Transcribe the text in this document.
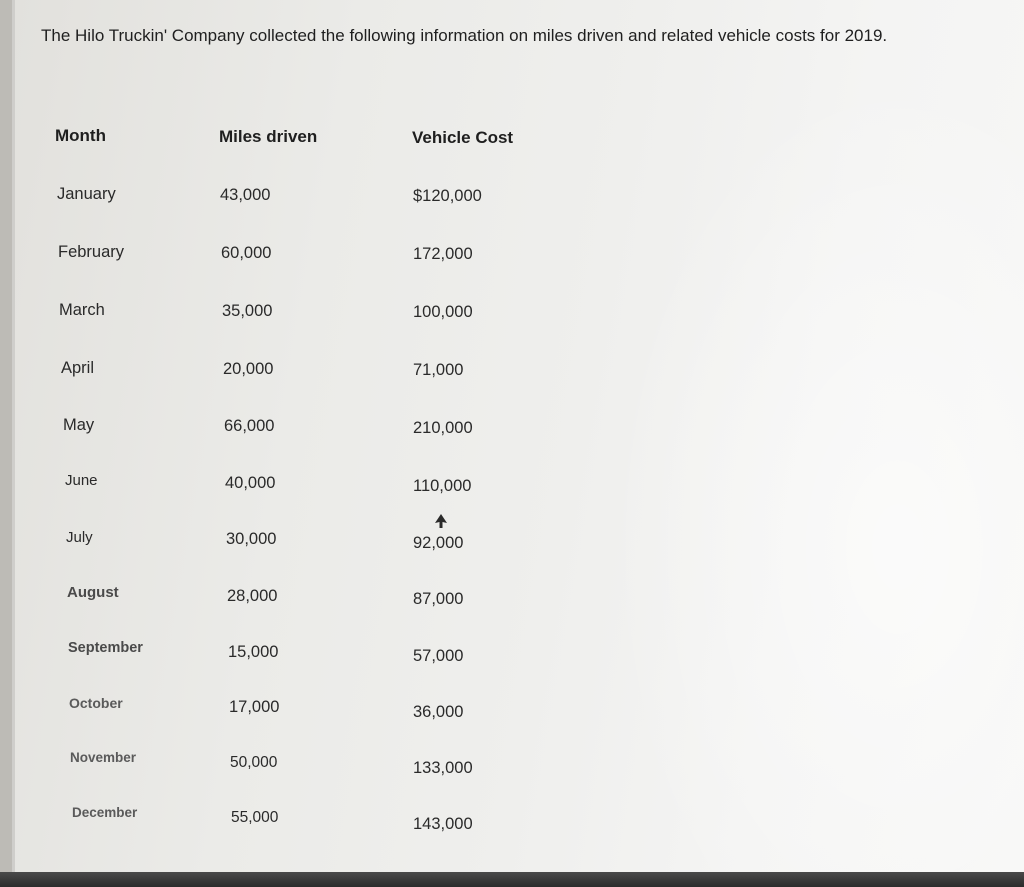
The Hilo Truckin' Company collected the following information on miles driven and related vehicle costs for 2019.
Month	Miles driven	Vehicle Cost
January	43,000	$120,000
February	60,000	172,000
March	35,000	100,000
April	20,000	71,000
May	66,000	210,000
June	40,000	110,000
July	30,000	92,000
August	28,000	87,000
September	15,000	57,000
October	17,000	36,000
November	50,000	133,000
December	55,000	143,000
